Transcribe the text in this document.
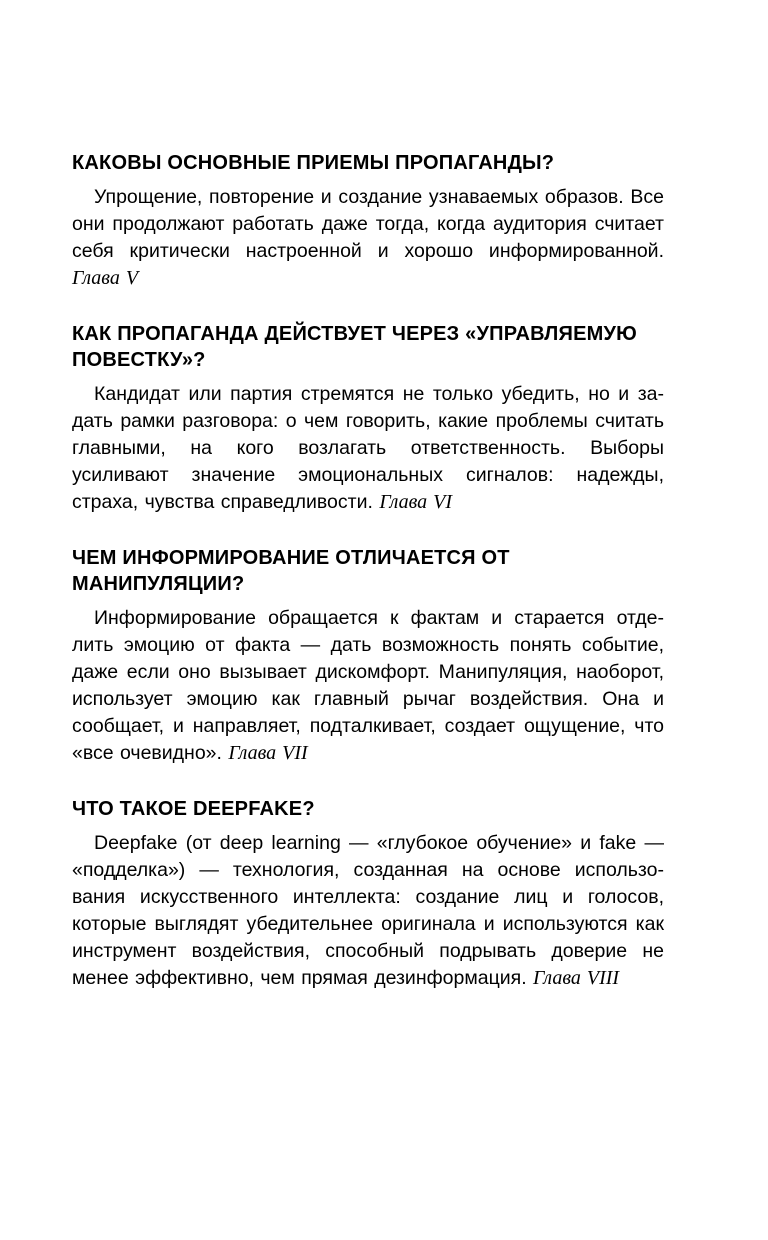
КАКОВЫ ОСНОВНЫЕ ПРИЕМЫ ПРОПАГАНДЫ?

Упрощение, повторение и создание узнаваемых образов. Все они продолжают работать даже тогда, когда аудитория считает себя критически настроенной и хорошо информированной. Глава V

КАК ПРОПАГАНДА ДЕЙСТВУЕТ ЧЕРЕЗ «УПРАВЛЯЕМУЮ ПОВЕСТКУ»?

Кандидат или партия стремятся не только убедить, но и задать рамки разговора: о чем говорить, какие проблемы считать главными, на кого возлагать ответственность. Выборы усиливают значение эмоциональных сигналов: надежды, страха, чувства справедливости. Глава VI

ЧЕМ ИНФОРМИРОВАНИЕ ОТЛИЧАЕТСЯ ОТ МАНИПУЛЯЦИИ?

Информирование обращается к фактам и старается отделить эмоцию от факта — дать возможность понять событие, даже если оно вызывает дискомфорт. Манипуляция, наоборот, использует эмоцию как главный рычаг воздействия. Она и сообщает, и направляет, подталкивает, создает ощущение, что «все очевидно». Глава VII

ЧТО ТАКОЕ DEEPFAKE?

Deepfake (от deep learning — «глубокое обучение» и fake — «подделка») — технология, созданная на основе использования искусственного интеллекта: создание лиц и голосов, которые выглядят убедительнее оригинала и используются как инструмент воздействия, способный подрывать доверие не менее эффективно, чем прямая дезинформация. Глава VIII
